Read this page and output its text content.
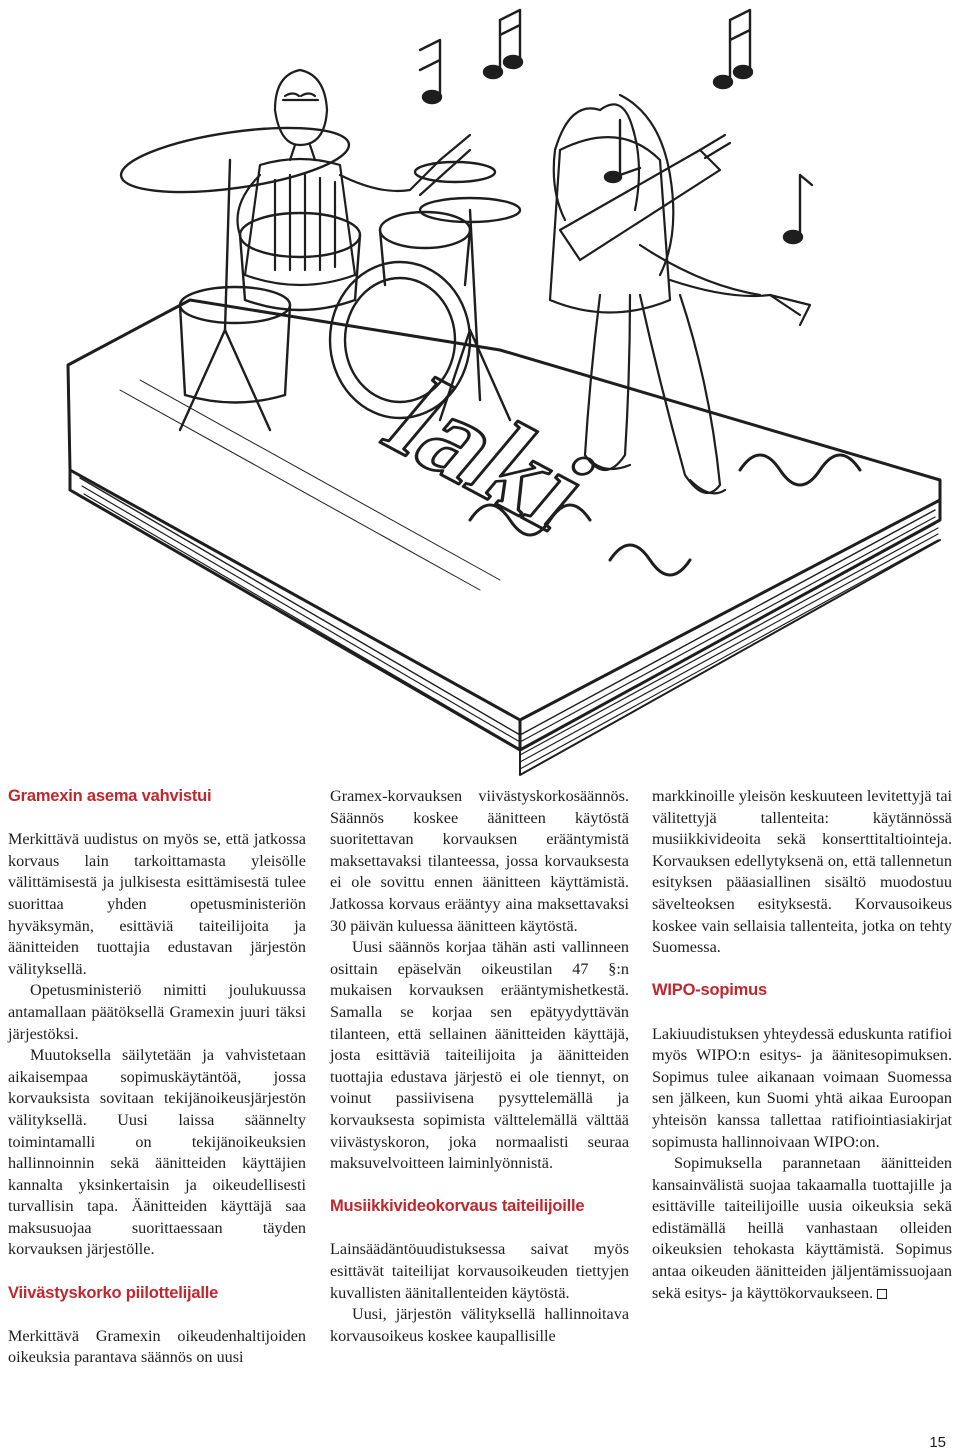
laki
Gramexin asema vahvistui

Merkittävä uudistus on myös se, että jatkossa korvaus lain tarkoittamasta yleisölle välittämisestä ja julkisesta esittämisestä tulee suorittaa yhden opetusministeriön hyväksymän, esittäviä taiteilijoita ja äänitteiden tuottajia edustavan järjestön välityksellä.

Opetusministeriö nimitti joulukuussa antamallaan päätöksellä Gramexin juuri täksi järjestöksi.

Muutoksella säilytetään ja vahvistetaan aikaisempaa sopimuskäytäntöä, jossa korvauksista sovitaan tekijänoikeusjärjestön välityksellä. Uusi laissa säännelty toimintamalli on tekijänoikeuksien hallinnoinnin sekä äänitteiden käyttäjien kannalta yksinkertaisin ja oikeudellisesti turvallisin tapa. Äänitteiden käyttäjä saa maksusuojaa suorittaessaan täyden korvauksen järjestölle.

Viivästyskorko piilottelijalle

Merkittävä Gramexin oikeudenhaltijoiden oikeuksia parantava säännös on uusi

Gramex-korvauksen viivästyskorkosäännös. Säännös koskee äänitteen käytöstä suoritettavan korvauksen erääntymistä maksettavaksi tilanteessa, jossa korvauksesta ei ole sovittu ennen äänitteen käyttämistä. Jatkossa korvaus erääntyy aina maksettavaksi 30 päivän kuluessa äänitteen käytöstä.

Uusi säännös korjaa tähän asti vallinneen osittain epäselvän oikeustilan 47 §:n mukaisen korvauksen erääntymishetkestä. Samalla se korjaa sen epätyydyttävän tilanteen, että sellainen äänitteiden käyttäjä, josta esittäviä taiteilijoita ja äänitteiden tuottajia edustava järjestö ei ole tiennyt, on voinut passiivisena pysyttelemällä ja korvauksesta sopimista välttelemällä välttää viivästyskoron, joka normaalisti seuraa maksuvelvoitteen laiminlyönnistä.

Musiikkivideokorvaus taiteilijoille

Lainsäädäntöuudistuksessa saivat myös esittävät taiteilijat korvausoikeuden tiettyjen kuvallisten äänitallenteiden käytöstä.

Uusi, järjestön välityksellä hallinnoitava korvausoikeus koskee kaupallisille

markkinoille yleisön keskuuteen levitettyjä tai välitettyjä tallenteita: käytännössä musiikkivideoita sekä konserttitaltiointeja. Korvauksen edellytyksenä on, että tallennetun esityksen pääasiallinen sisältö muodostuu sävelteoksen esityksestä. Korvausoikeus koskee vain sellaisia tallenteita, jotka on tehty Suomessa.

WIPO-sopimus

Lakiuudistuksen yhteydessä eduskunta ratifioi myös WIPO:n esitys- ja äänitesopimuksen. Sopimus tulee aikanaan voimaan Suomessa sen jälkeen, kun Suomi yhtä aikaa Euroopan yhteisön kanssa tallettaa ratifiointiasiakirjat sopimusta hallinnoivaan WIPO:on.

Sopimuksella parannetaan äänitteiden kansainvälistä suojaa takaamalla tuottajille ja esittäville taiteilijoille uusia oikeuksia sekä edistämällä heillä vanhastaan olleiden oikeuksien tehokasta käyttämistä. Sopimus antaa oikeuden äänitteiden jäljentämissuojaan sekä esitys- ja käyttökorvaukseen.

15
